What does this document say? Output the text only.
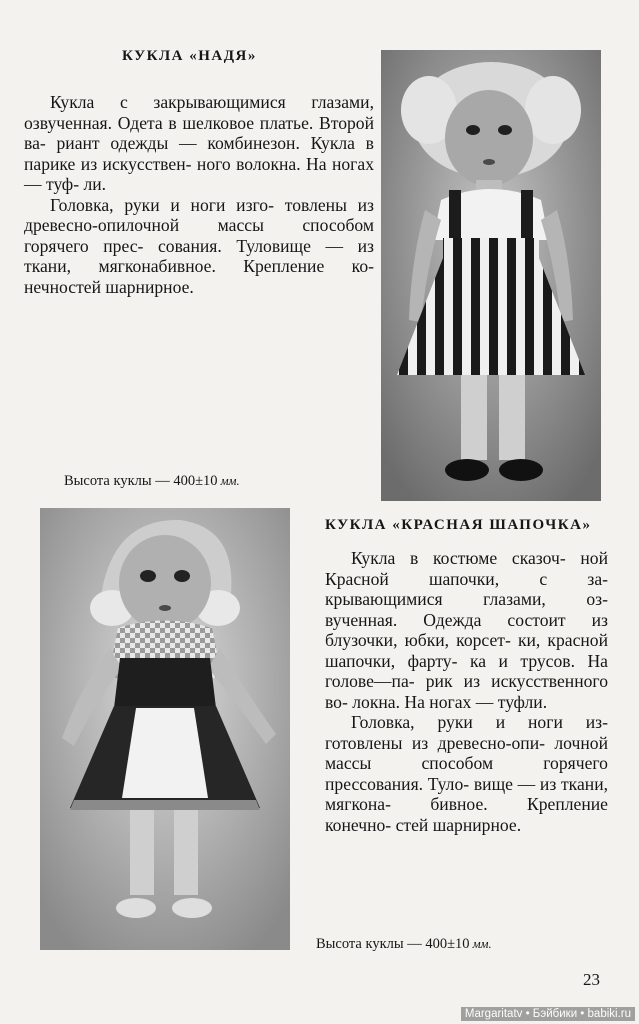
КУКЛА «НАДЯ»

Кукла с закрывающимися глазами, озвученная. Одета в шелковое платье. Второй ва- риант одежды — комбинезон. Кукла в парике из искусствен- ного волокна. На ногах — туф- ли.

Головка, руки и ноги изго- товлены из древесно-опилочной массы способом горячего прес- сования. Туловище — из ткани, мягконабивное. Крепление ко- нечностей шарнирное.

Высота куклы — 400±10 мм.
КУКЛА «КРАСНАЯ ШАПОЧКА»

Кукла в костюме сказоч- ной Красной шапочки, с за- крывающимися глазами, оз- вученная. Одежда состоит из блузочки, юбки, корсет- ки, красной шапочки, фарту- ка и трусов. На голове—па- рик из искусственного во- локна. На ногах — туфли.

Головка, руки и ноги из- готовлены из древесно-опи- лочной массы способом	горячего прессования. Туло- вище — из ткани, мягкона- бивное. Крепление конечно- стей шарнирное.

Высота куклы — 400±10 мм.
23
Margaritatv • Бэйбики • babiki.ru
